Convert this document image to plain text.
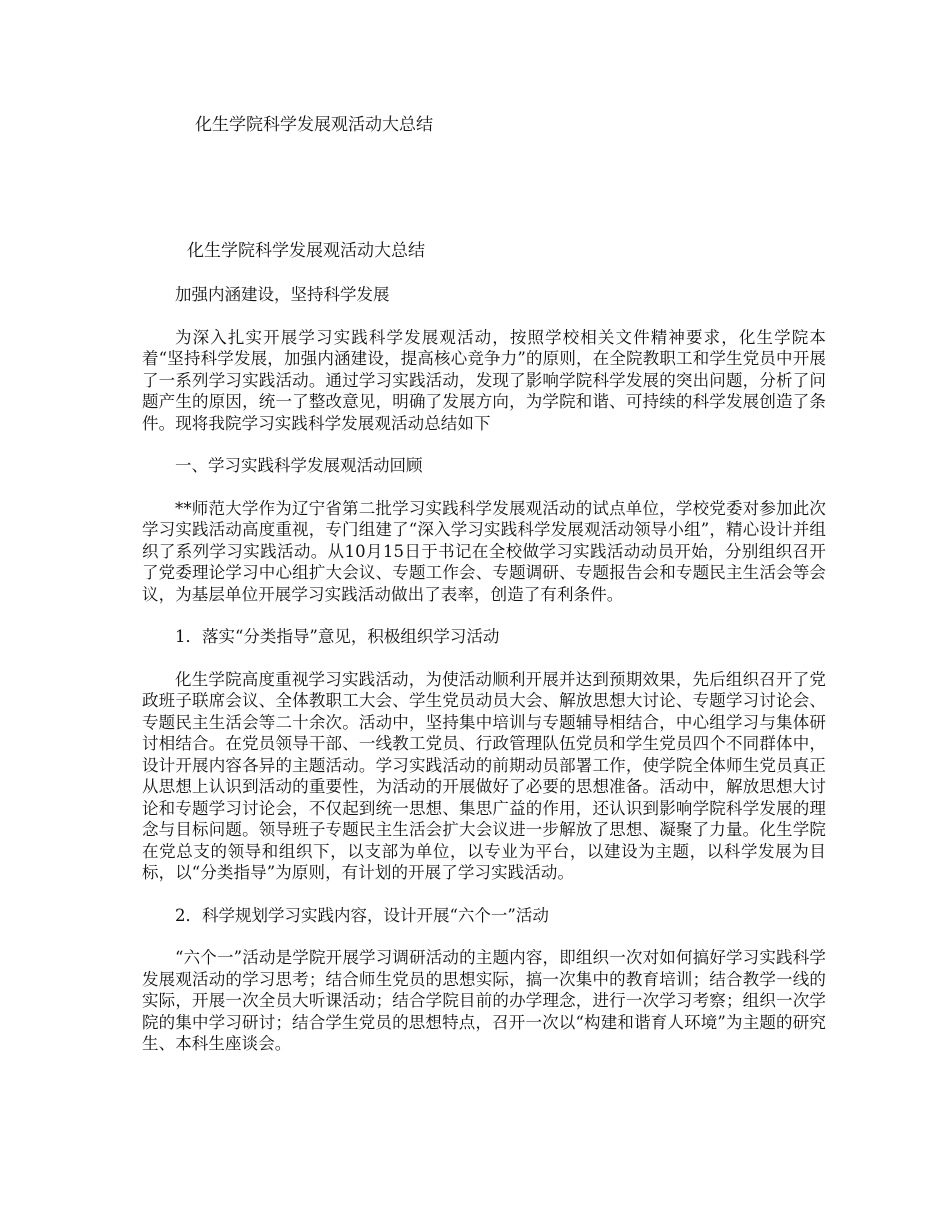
化生学院科学发展观活动大总结
化生学院科学发展观活动大总结

加强内涵建设，坚持科学发展

为深入扎实开展学习实践科学发展观活动，按照学校相关文件精神要求，化生学院本着“坚持科学发展，加强内涵建设，提高核心竞争力”的原则，在全院教职工和学生党员中开展了一系列学习实践活动。通过学习实践活动，发现了影响学院科学发展的突出问题，分析了问题产生的原因，统一了整改意见，明确了发展方向，为学院和谐、可持续的科学发展创造了条件。现将我院学习实践科学发展观活动总结如下

一、学习实践科学发展观活动回顾

**师范大学作为辽宁省第二批学习实践科学发展观活动的试点单位，学校党委对参加此次学习实践活动高度重视，专门组建了“深入学习实践科学发展观活动领导小组”，精心设计并组织了系列学习实践活动。从10月15日于书记在全校做学习实践活动动员开始，分别组织召开了党委理论学习中心组扩大会议、专题工作会、专题调研、专题报告会和专题民主生活会等会议，为基层单位开展学习实践活动做出了表率，创造了有利条件。

1．落实“分类指导”意见，积极组织学习活动

化生学院高度重视学习实践活动，为使活动顺利开展并达到预期效果，先后组织召开了党政班子联席会议、全体教职工大会、学生党员动员大会、解放思想大讨论、专题学习讨论会、专题民主生活会等二十余次。活动中，坚持集中培训与专题辅导相结合，中心组学习与集体研讨相结合。在党员领导干部、一线教工党员、行政管理队伍党员和学生党员四个不同群体中，设计开展内容各异的主题活动。学习实践活动的前期动员部署工作，使学院全体师生党员真正从思想上认识到活动的重要性，为活动的开展做好了必要的思想准备。活动中，解放思想大讨论和专题学习讨论会，不仅起到统一思想、集思广益的作用，还认识到影响学院科学发展的理念与目标问题。领导班子专题民主生活会扩大会议进一步解放了思想、凝聚了力量。化生学院在党总支的领导和组织下，以支部为单位，以专业为平台，以建设为主题，以科学发展为目标，以“分类指导”为原则，有计划的开展了学习实践活动。

2．科学规划学习实践内容，设计开展“六个一”活动

“六个一”活动是学院开展学习调研活动的主题内容，即组织一次对如何搞好学习实践科学发展观活动的学习思考；结合师生党员的思想实际，搞一次集中的教育培训；结合教学一线的实际，开展一次全员大听课活动；结合学院目前的办学理念，进行一次学习考察；组织一次学院的集中学习研讨；结合学生党员的思想特点，召开一次以“构建和谐育人环境”为主题的研究生、本科生座谈会。
